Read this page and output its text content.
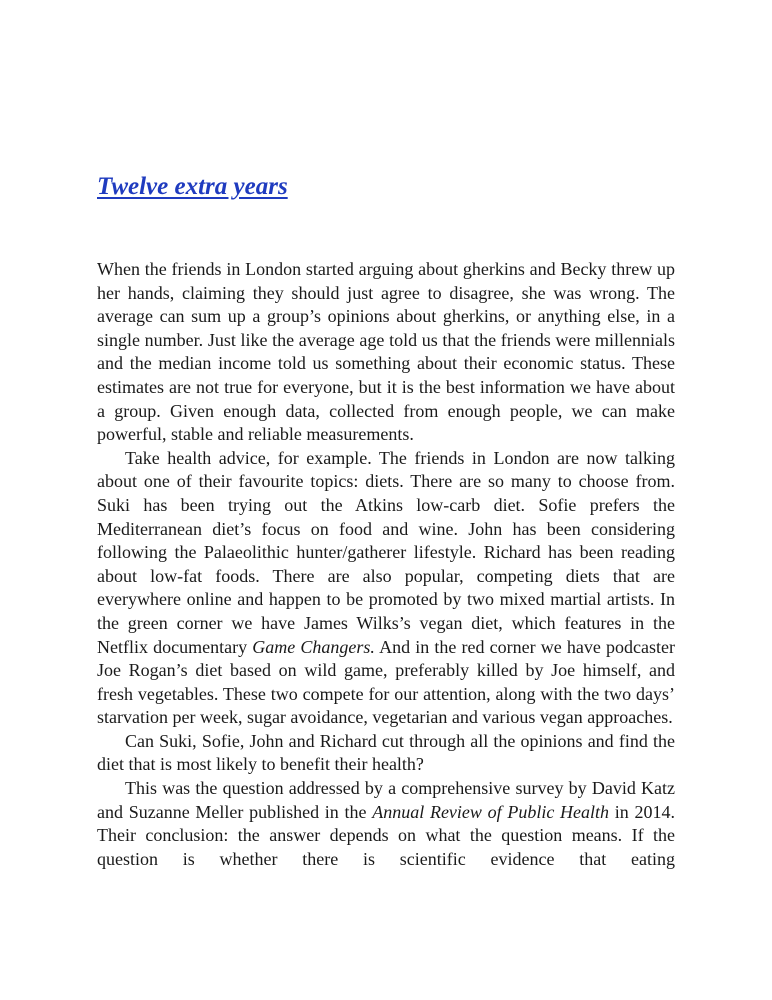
Twelve extra years

When the friends in London started arguing about gherkins and Becky threw up her hands, claiming they should just agree to disagree, she was wrong. The average can sum up a group’s opinions about gherkins, or anything else, in a single number. Just like the average age told us that the friends were millennials and the median income told us something about their economic status. These estimates are not true for everyone, but it is the best information we have about a group. Given enough data, collected from enough people, we can make powerful, stable and reliable measurements.

Take health advice, for example. The friends in London are now talking about one of their favourite topics: diets. There are so many to choose from. Suki has been trying out the Atkins low-carb diet. Sofie prefers the Mediterranean diet’s focus on food and wine. John has been considering following the Palaeolithic hunter/gatherer lifestyle. Richard has been reading about low-fat foods. There are also popular, competing diets that are everywhere online and happen to be promoted by two mixed martial artists. In the green corner we have James Wilks’s vegan diet, which features in the Netflix documentary Game Changers. And in the red corner we have podcaster Joe Rogan’s diet based on wild game, preferably killed by Joe himself, and fresh vegetables. These two compete for our attention, along with the two days’ starvation per week, sugar avoidance, vegetarian and various vegan approaches.

Can Suki, Sofie, John and Richard cut through all the opinions and find the diet that is most likely to benefit their health?

This was the question addressed by a comprehensive survey by David Katz and Suzanne Meller published in the Annual Review of Public Health in 2014. Their conclusion: the answer depends on what the question means. If the question is whether there is scientific evidence that eating
